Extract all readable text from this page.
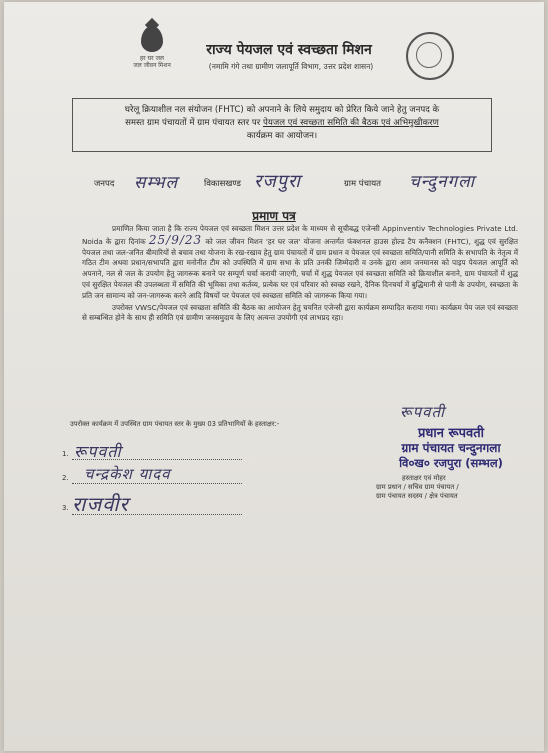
हर घर जल
जल जीवन मिशन
राज्य पेयजल एवं स्वच्छता मिशन
(नमामि गंगे तथा ग्रामीण जलापूर्ति विभाग, उत्तर प्रदेश शासन)
घरेलू क्रियाशील नल संयोजन (FHTC) को अपनाने के लिये समुदाय को प्रेरित किये जाने हेतु जनपद के
समस्त ग्राम पंचायतों में ग्राम पंचायत स्तर पर पेयजल एवं स्वच्छता समिति की बैठक एवं अभिमुखीकरण
कार्यक्रम का आयोजन।
जनपद सम्भल	विकासखण्ड रजपुरा	ग्राम पंचायत चन्दुनगला
प्रमाण पत्र

प्रमाणित किया जाता है कि राज्य पेयजल एवं स्वच्छता मिशन उत्तर प्रदेश के माध्यम से सूचीबद्ध एजेन्सी Appinventiv Technologies Private Ltd. Noida के द्वारा दिनांक 25/9/23 को जल जीवन मिशन 'हर घर जल' योजना अन्तर्गत फंक्शनल हाउस होल्ड टैप कनैक्शन (FHTC), शुद्ध एवं सुरक्षित पेयजल तथा जल-जनित बीमारियों से बचाव तथा योजना के रख-रखाव हेतु ग्राम पंचायतों में ग्राम प्रधान व पेयजल एवं स्वच्छता समिति/पानी समिति के सभापति के नेतृत्व में गठित टीम अथवा प्रधान/सभापति द्वारा मनोनीत टीम को उपस्थिति में ग्राम सभा के प्रति उनकी जिम्मेदारी व उनके द्वारा आम जनमानस को पाइप पेयजल आपूर्ति को अपनाने, नल से जल के उपयोग हेतु जागरूक बनाने पर सम्पूर्ण चर्चा करायी जाएगी, चर्चा में शुद्ध पेयजल एवं स्वच्छता समिति को क्रियाशील बनाने, ग्राम पंचायतों में शुद्ध एवं सुरक्षित पेयजल की उपलब्धता में समिति की भूमिका तथा कर्तव्य, प्रत्येक घर एवं परिवार को स्वच्छ रखने, दैनिक दिनचर्या में बुद्धिमानी से पानी के उपयोग, स्वच्छता के प्रति जन सामान्य को जन-जागरूक करने आदि विषयों पर पेयजल एवं स्वच्छता समिति को जागरूक किया गया।

उपरोक्त VWSC/पेयजल एवं स्वच्छता समिति की बैठक का आयोजन हेतु चयनित एजेन्सी द्वारा कार्यक्रम सम्पादित कराया गया। कार्यक्रम पेय जल एवं स्वच्छता से सम्बन्धित होने के साथ ही समिति एवं ग्रामीण जनसमुदाय के लिए अत्यन्त उपयोगी एवं लाभप्रद रहा।

उपरोक्त कार्यक्रम में उपस्थित ग्राम पंचायत स्तर के मुख्य 03 प्रतिभागियों के हस्ताक्षर:-
1. रूपवती
2. चन्द्रकेश यादव
3. राजवीर
रूपवती
प्रधान रूपवती
ग्राम पंचायत चन्दुनगला
वि०ख० रजपुरा (सम्भल)
हस्ताक्षर एवं मोहर
ग्राम प्रधान / सचिव ग्राम पंचायत /
ग्राम पंचायत सदस्य / क्षेत्र पंचायत
